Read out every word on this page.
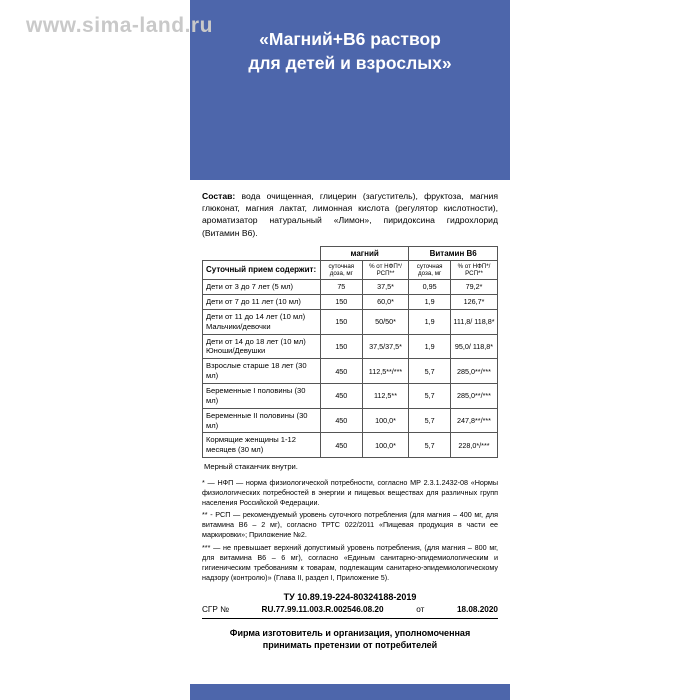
www.sima-land.ru
«Магний+В6 раствор
для детей и взрослых»
Состав: вода очищенная, глицерин (загуститель), фруктоза, магния глюконат, магния лактат, лимонная кислота (регулятор кислотности), ароматизатор натуральный «Лимон», пиридоксина гидрохлорид (Витамин В6).
	магний		Витамин В6	
Суточный прием содержит:	суточная доза, мг	% от НФП*/ РСП**	суточная доза, мг	% от НФП*/ РСП**
Дети от 3 до 7 лет (5 мл)	75	37,5*	0,95	79,2*
Дети от 7 до 11 лет (10 мл)	150	60,0*	1,9	126,7*
Дети от 11 до 14 лет (10 мл) Мальчики/девочки	150	50/50*	1,9	111,8/ 118,8*
Дети от 14 до 18 лет (10 мл) Юноши/Девушки	150	37,5/37,5*	1,9	95,0/ 118,8*
Взрослые старше 18 лет (30 мл)	450	112,5**/***	5,7	285,0**/***
Беременные I половины (30 мл)	450	112,5**	5,7	285,0**/***
Беременные II половины (30 мл)	450	100,0*	5,7	247,8**/***
Кормящие женщины 1-12 месяцев (30 мл)	450	100,0*	5,7	228,0*/***
Мерный стаканчик внутри.

* — НФП — норма физиологической потребности, согласно МР 2.3.1.2432-08 «Нормы физиологических потребностей в энергии и пищевых веществах для различных групп населения Российской Федерации.

** - РСП — рекомендуемый уровень суточного потребления (для магния – 400 мг, для витамина В6 – 2 мг), согласно ТРТС 022/2011 «Пищевая продукция в части ее маркировки»; Приложение №2.

*** — не превышает верхний допустимый уровень потребления, (для магния – 800 мг, для витамина В6 – 6 мг), согласно «Единым санитарно-эпидемиологическим и гигиеническим требованиям к товарам, подлежащим санитарно-эпидемиологическому надзору (контролю)» (Глава II, раздел I, Приложение 5).

ТУ 10.89.19-224-80324188-2019
СГР №	RU.77.99.11.003.R.002546.08.20	от	18.08.2020
Фирма изготовитель и организация, уполномоченная
принимать претензии от потребителей
